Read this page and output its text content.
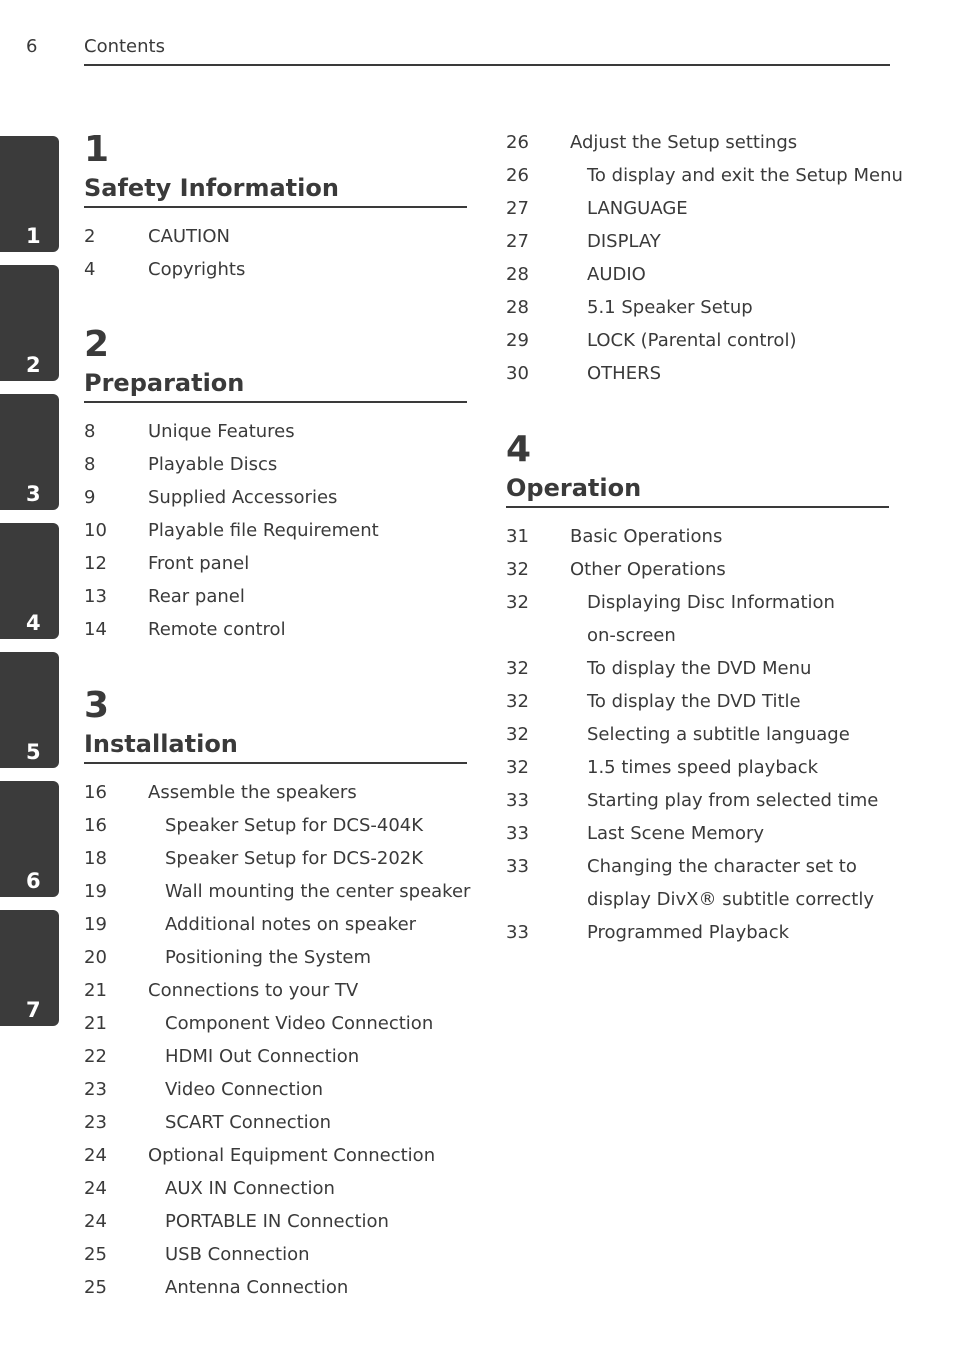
6	Contents
1
2
3
4
5
6
7
1
Safety Information
2	CAUTION
4	Copyrights
2
Preparation
8	Unique Features
8	Playable Discs
9	Supplied Accessories
10 Playable file Requirement
12 Front panel
13 Rear panel
14 Remote control
3
Installation
16 Assemble the speakers
16	Speaker Setup for DCS-404K
18	Speaker Setup for DCS-202K
19	Wall mounting the center speaker
19	Additional notes on speaker
20	Positioning the System
21 Connections to your TV
21	Component Video Connection
22	HDMI Out Connection
23	Video Connection
23	SCART Connection
24 Optional Equipment Connection
24	AUX IN Connection
24	PORTABLE IN Connection
25	USB Connection
25	Antenna Connection
26 Adjust the Setup settings
26	To display and exit the Setup Menu
27	LANGUAGE
27	DISPLAY
28	AUDIO
28	5.1 Speaker Setup
29	LOCK (Parental control)
30	OTHERS
4
Operation
31 Basic Operations
32 Other Operations
32	Displaying Disc Information
on-screen
32	To display the DVD Menu
32	To display the DVD Title
32	Selecting a subtitle language
32	1.5 times speed playback
33	Starting play from selected time
33	Last Scene Memory
33	Changing the character set to
display DivX® subtitle correctly
33	Programmed Playback
